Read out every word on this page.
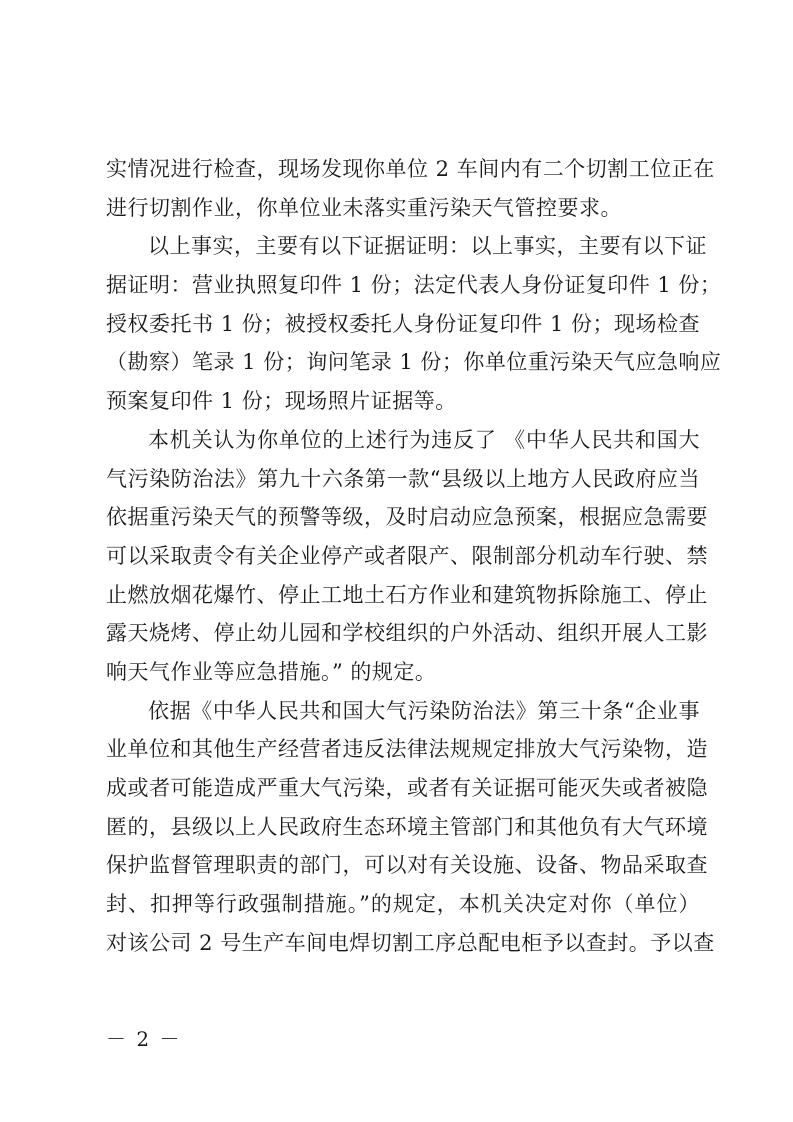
实情况进行检查，现场发现你单位 2 车间内有二个切割工位正在
进行切割作业，你单位业未落实重污染天气管控要求。
以上事实，主要有以下证据证明：以上事实，主要有以下证
据证明：营业执照复印件 1 份；法定代表人身份证复印件 1 份；
授权委托书 1 份；被授权委托人身份证复印件 1 份；现场检查
（勘察）笔录 1 份；询问笔录 1 份；你单位重污染天气应急响应
预案复印件 1 份；现场照片证据等。
本机关认为你单位的上述行为违反了 《中华人民共和国大
气污染防治法》第九十六条第一款“县级以上地方人民政府应当
依据重污染天气的预警等级，及时启动应急预案，根据应急需要
可以采取责令有关企业停产或者限产、限制部分机动车行驶、禁
止燃放烟花爆竹、停止工地土石方作业和建筑物拆除施工、停止
露天烧烤、停止幼儿园和学校组织的户外活动、组织开展人工影
响天气作业等应急措施。” 的规定。
依据《中华人民共和国大气污染防治法》第三十条“企业事
业单位和其他生产经营者违反法律法规规定排放大气污染物，造
成或者可能造成严重大气污染，或者有关证据可能灭失或者被隐
匿的，县级以上人民政府生态环境主管部门和其他负有大气环境
保护监督管理职责的部门，可以对有关设施、设备、物品采取查
封、扣押等行政强制措施。”的规定，本机关决定对你（单位）
对该公司 2 号生产车间电焊切割工序总配电柜予以查封。予以查
－ 2 －
